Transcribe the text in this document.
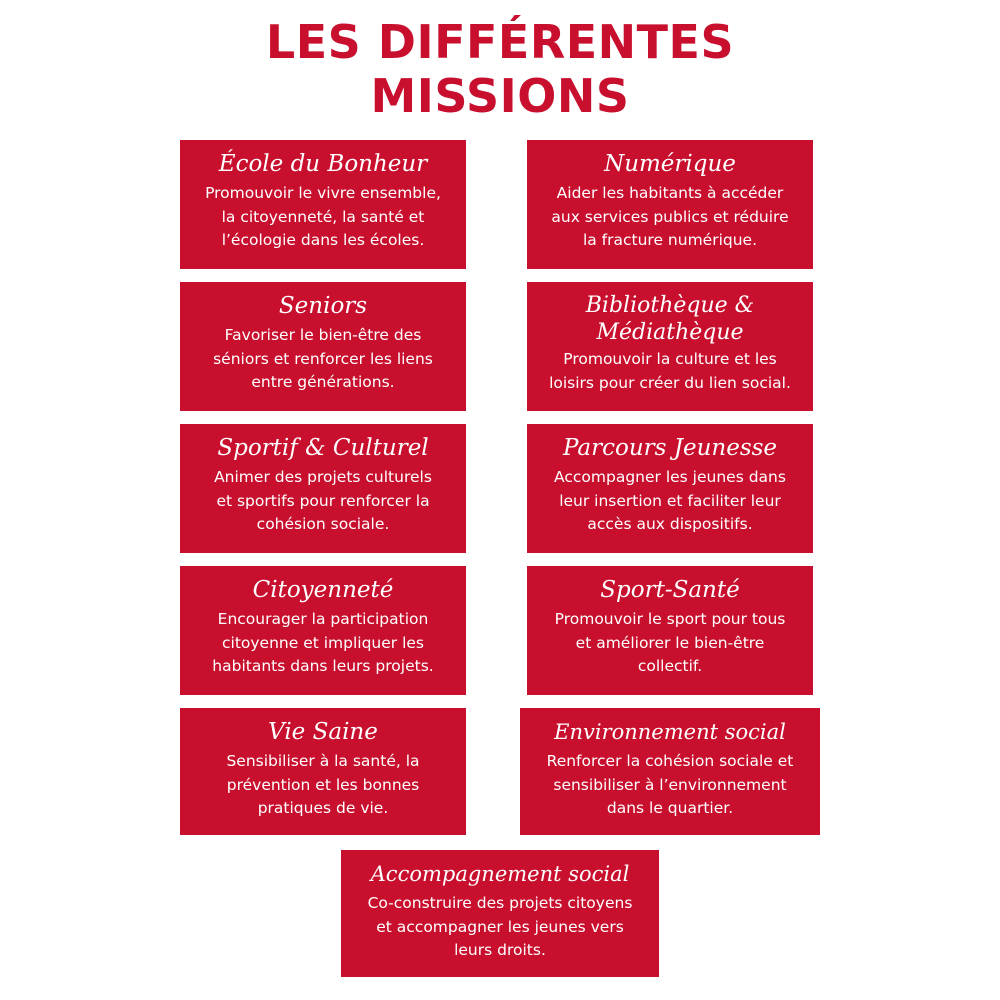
LES DIFFÉRENTES
MISSIONS
École du Bonheur
Promouvoir le vivre ensemble,
la citoyenneté, la santé et
l’écologie dans les écoles.
Numérique
Aider les habitants à accéder
aux services publics et réduire
la fracture numérique.
Seniors
Favoriser le bien-être des
séniors et renforcer les liens
entre générations.
Bibliothèque &
Médiathèque
Promouvoir la culture et les
loisirs pour créer du lien social.
Sportif & Culturel
Animer des projets culturels
et sportifs pour renforcer la
cohésion sociale.
Parcours Jeunesse
Accompagner les jeunes dans
leur insertion et faciliter leur
accès aux dispositifs.
Citoyenneté
Encourager la participation
citoyenne et impliquer les
habitants dans leurs projets.
Sport-Santé
Promouvoir le sport pour tous
et améliorer le bien-être
collectif.
Vie Saine
Sensibiliser à la santé, la
prévention et les bonnes
pratiques de vie.
Environnement social
Renforcer la cohésion sociale et
sensibiliser à l’environnement
dans le quartier.
Accompagnement social
Co-construire des projets citoyens
et accompagner les jeunes vers
leurs droits.
